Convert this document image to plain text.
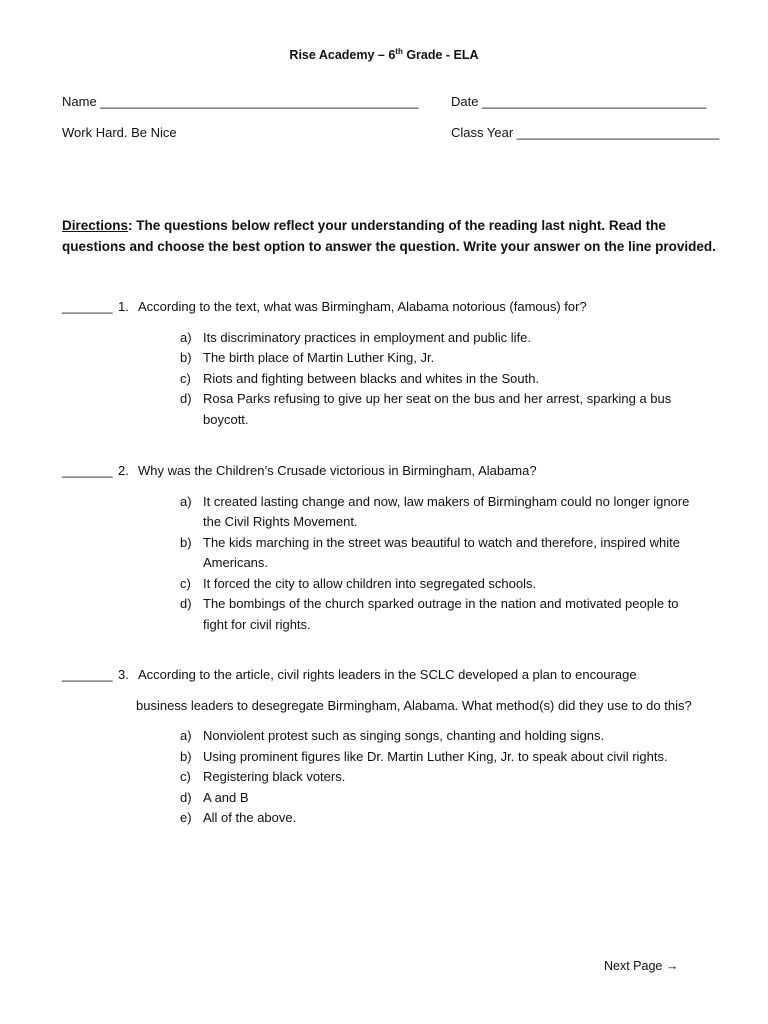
Rise Academy – 6th Grade - ELA
Name ____________________________________________	Date _______________________________
Work Hard. Be Nice	Class Year ____________________________
Directions: The questions below reflect your understanding of the reading last night. Read the questions and choose the best option to answer the question. Write your answer on the line provided.
_______ 1. According to the text, what was Birmingham, Alabama notorious (famous) for?
a) Its discriminatory practices in employment and public life.
b) The birth place of Martin Luther King, Jr.
c) Riots and fighting between blacks and whites in the South.
d) Rosa Parks refusing to give up her seat on the bus and her arrest, sparking a bus boycott.
_______ 2. Why was the Children’s Crusade victorious in Birmingham, Alabama?
a) It created lasting change and now, law makers of Birmingham could no longer ignore the Civil Rights Movement.
b) The kids marching in the street was beautiful to watch and therefore, inspired white Americans.
c) It forced the city to allow children into segregated schools.
d) The bombings of the church sparked outrage in the nation and motivated people to fight for civil rights.
_______ 3. According to the article, civil rights leaders in the SCLC developed a plan to encourage
business leaders to desegregate Birmingham, Alabama. What method(s) did they use to do this?
a) Nonviolent protest such as singing songs, chanting and holding signs.
b) Using prominent figures like Dr. Martin Luther King, Jr. to speak about civil rights.
c) Registering black voters.
d) A and B
e) All of the above.
Next Page →
